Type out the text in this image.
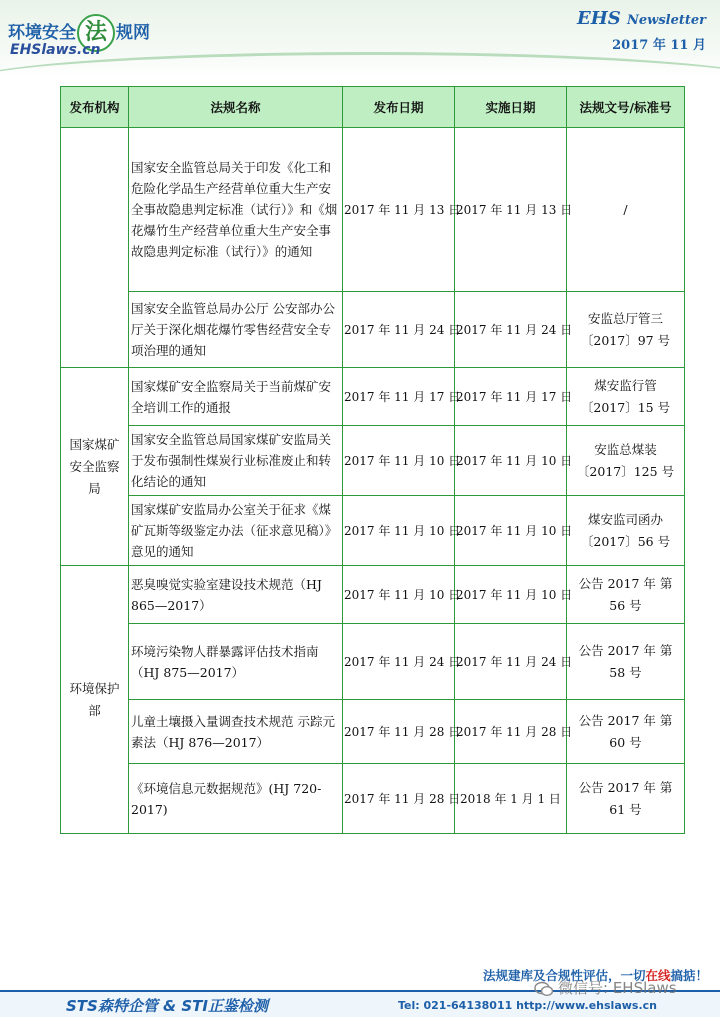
环境安全 法 规网
EHSlaws.cn
EHS Newsletter
2017 年 11 月
发布机构	法规名称	发布日期	实施日期	法规文号/标准号
	国家安全监管总局关于印发《化工和危险化学品生产经营单位重大生产安全事故隐患判定标准（试行）》和《烟花爆竹生产经营单位重大生产安全事故隐患判定标准（试行）》的通知	2017 年 11 月 13 日	2017 年 11 月 13 日	/
	国家安全监管总局办公厅 公安部办公厅关于深化烟花爆竹零售经营安全专项治理的通知	2017 年 11 月 24 日	2017 年 11 月 24 日	安监总厅管三〔2017〕97 号
国家煤矿安全监察局	国家煤矿安全监察局关于当前煤矿安全培训工作的通报	2017 年 11 月 17 日	2017 年 11 月 17 日	煤安监行管〔2017〕15 号
	国家安全监管总局国家煤矿安监局关于发布强制性煤炭行业标准废止和转化结论的通知	2017 年 11 月 10 日	2017 年 11 月 10 日	安监总煤装〔2017〕125 号
	国家煤矿安监局办公室关于征求《煤矿瓦斯等级鉴定办法（征求意见稿）》意见的通知	2017 年 11 月 10 日	2017 年 11 月 10 日	煤安监司函办〔2017〕56 号
环境保护部	恶臭嗅觉实验室建设技术规范（HJ 865—2017）	2017 年 11 月 10 日	2017 年 11 月 10 日	公告 2017 年 第 56 号
	环境污染物人群暴露评估技术指南（HJ 875—2017）	2017 年 11 月 24 日	2017 年 11 月 24 日	公告 2017 年 第 58 号
	儿童土壤摄入量调查技术规范 示踪元素法（HJ 876—2017）	2017 年 11 月 28 日	2017 年 11 月 28 日	公告 2017 年 第 60 号
	《环境信息元数据规范》(HJ 720-2017)	2017 年 11 月 28 日	2018 年 1 月 1 日	公告 2017 年 第 61 号
法规建库及合规性评估，一切在线搞掂！
STS森特企管 & STI正鉴检测	Tel: 021-64138011 http://www.ehslaws.cn
微信号: EHSlaws
